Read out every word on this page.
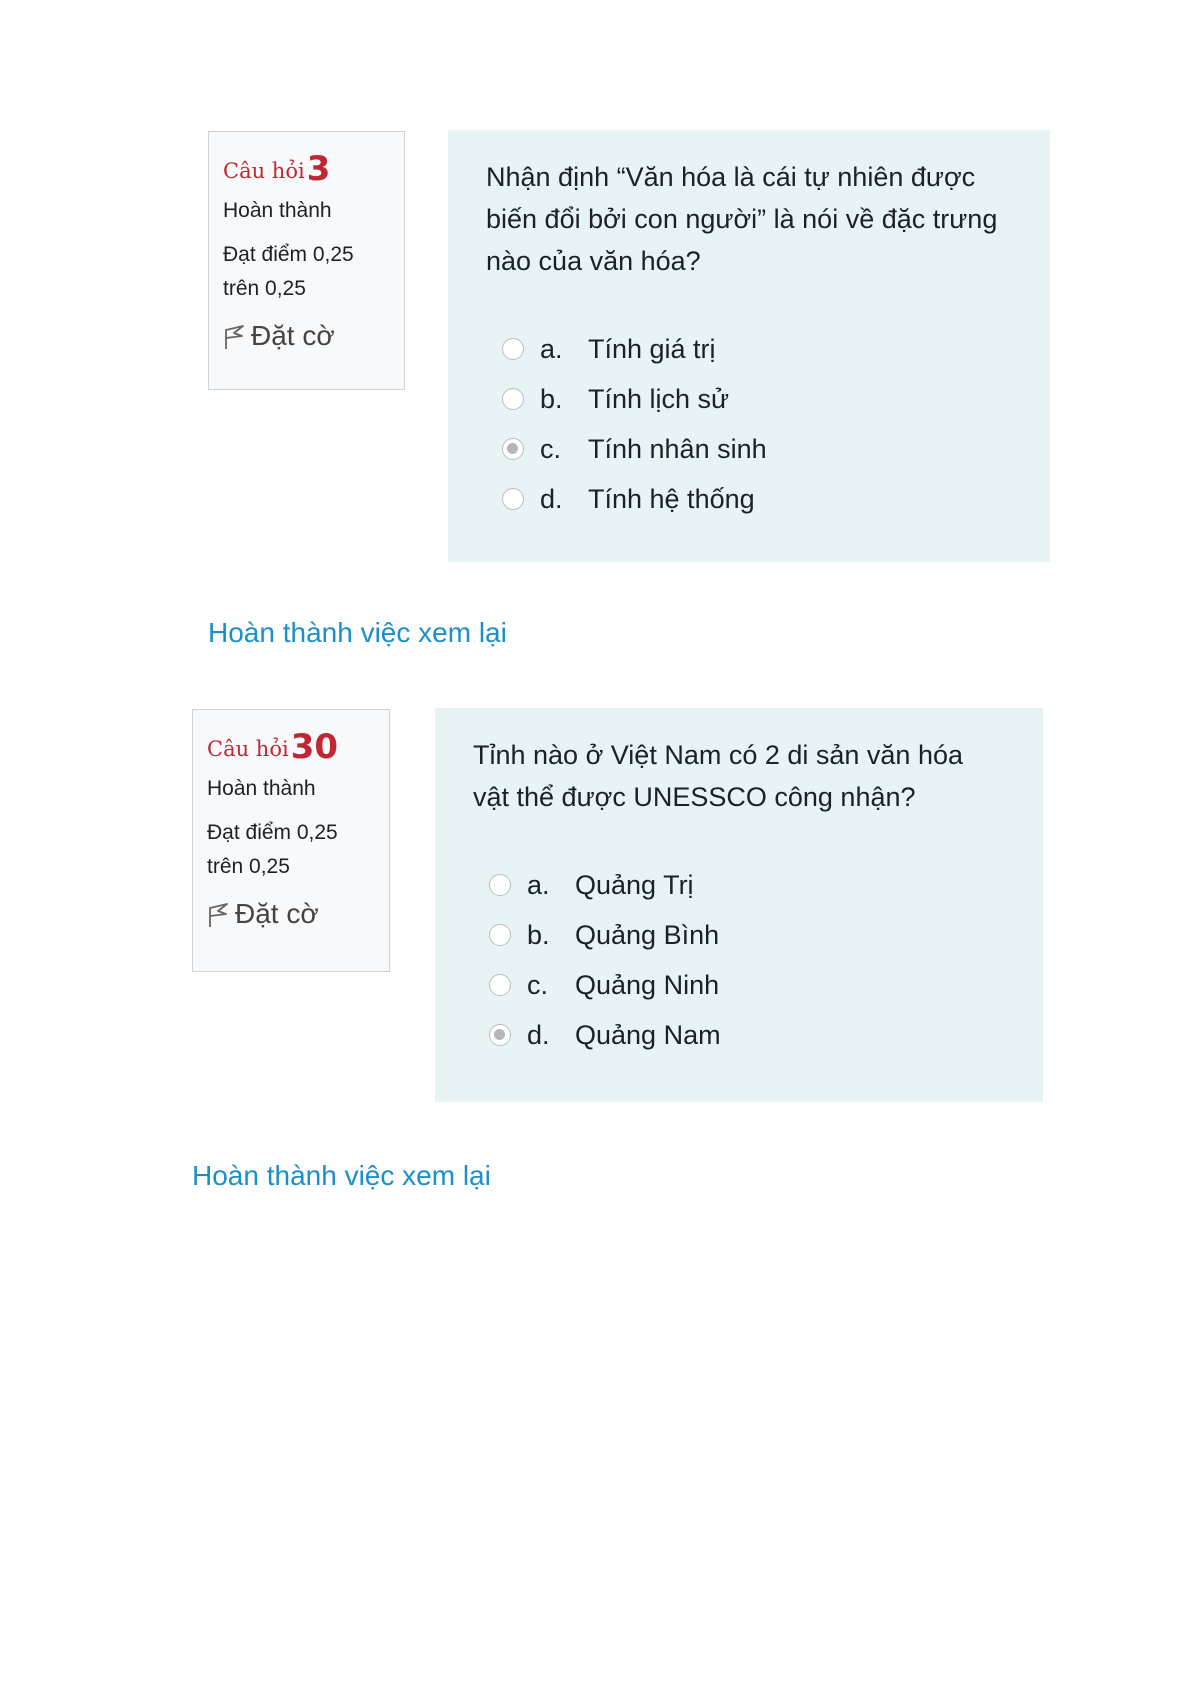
Câu hỏi3
Hoàn thành
Đạt điểm 0,25
trên 0,25
Đặt cờ

Nhận định “Văn hóa là cái tự nhiên được biến đổi bởi con người” là nói về đặc trưng nào của văn hóa?

a. Tính giá trị
b. Tính lịch sử
c. Tính nhân sinh
d. Tính hệ thống
Hoàn thành việc xem lại
Câu hỏi30
Hoàn thành
Đạt điểm 0,25
trên 0,25
Đặt cờ

Tỉnh nào ở Việt Nam có 2 di sản văn hóa vật thể được UNESSCO công nhận?

a. Quảng Trị
b. Quảng Bình
c. Quảng Ninh
d. Quảng Nam
Hoàn thành việc xem lại
